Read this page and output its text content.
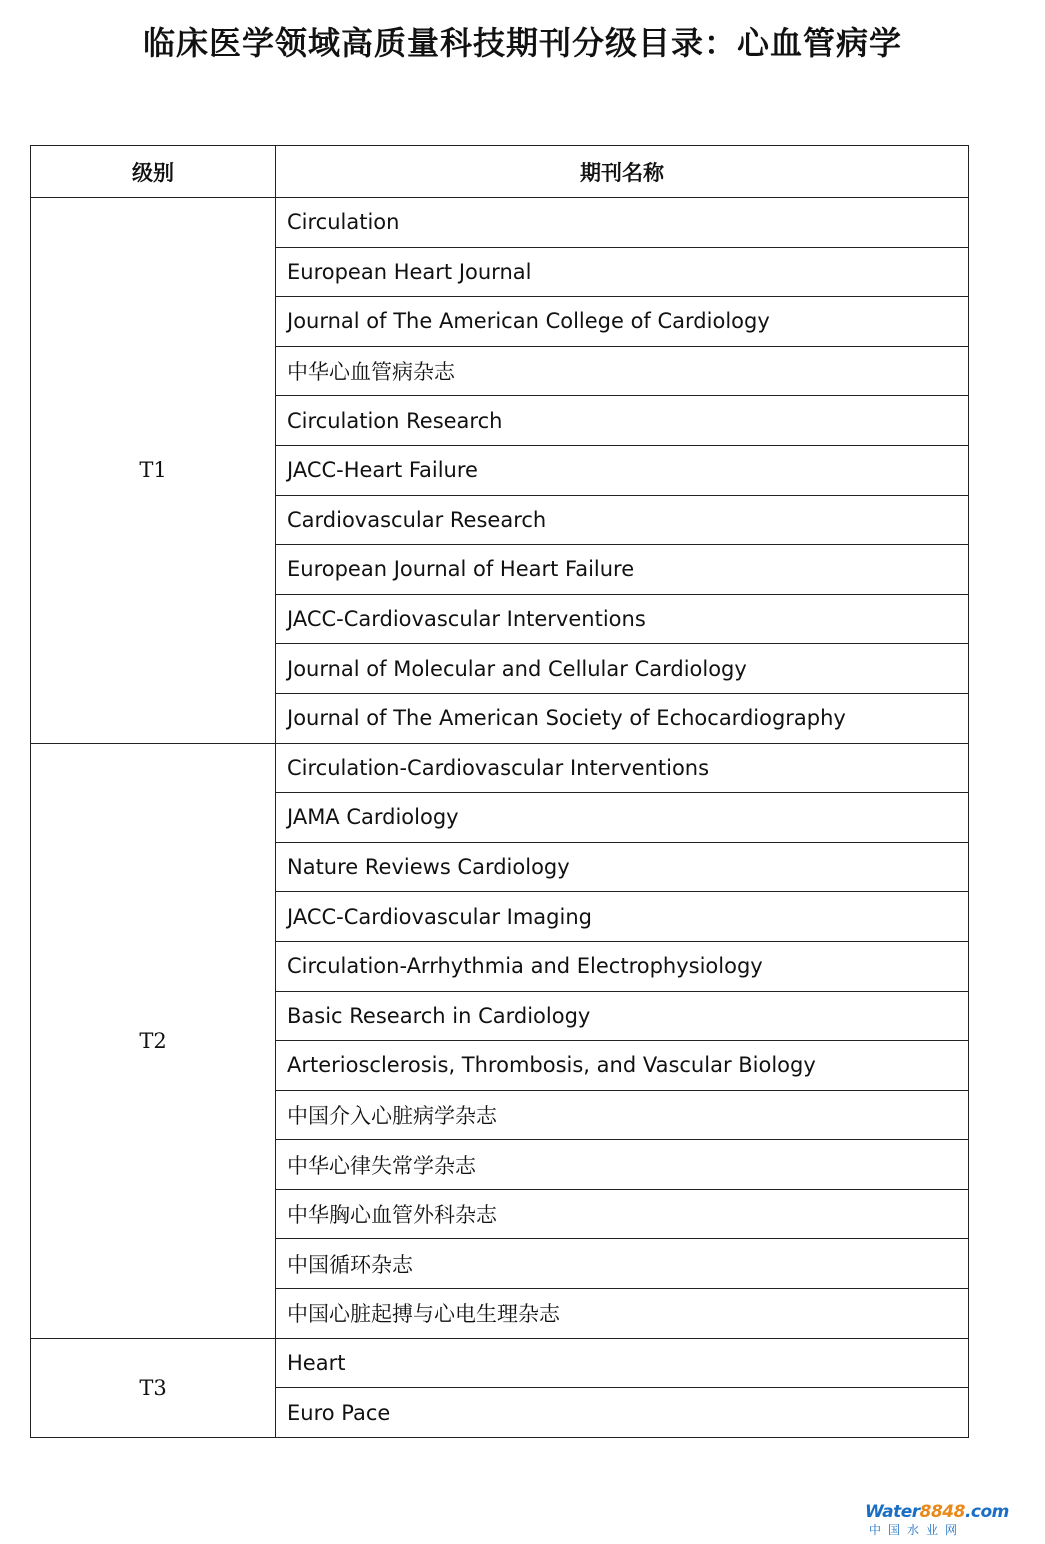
临床医学领域高质量科技期刊分级目录：心血管病学
级别	期刊名称
T1	Circulation
	European Heart Journal
	Journal of The American College of Cardiology
	中华心血管病杂志
	Circulation Research
	JACC-Heart Failure
	Cardiovascular Research
	European Journal of Heart Failure
	JACC-Cardiovascular Interventions
	Journal of Molecular and Cellular Cardiology
	Journal of The American Society of Echocardiography
T2	Circulation-Cardiovascular Interventions
	JAMA Cardiology
	Nature Reviews Cardiology
	JACC-Cardiovascular Imaging
	Circulation-Arrhythmia and Electrophysiology
	Basic Research in Cardiology
	Arteriosclerosis, Thrombosis, and Vascular Biology
	中国介入心脏病学杂志
	中华心律失常学杂志
	中华胸心血管外科杂志
	中国循环杂志
	中国心脏起搏与心电生理杂志
T3	Heart
	Euro Pace
Water8848.com
中国水业网
